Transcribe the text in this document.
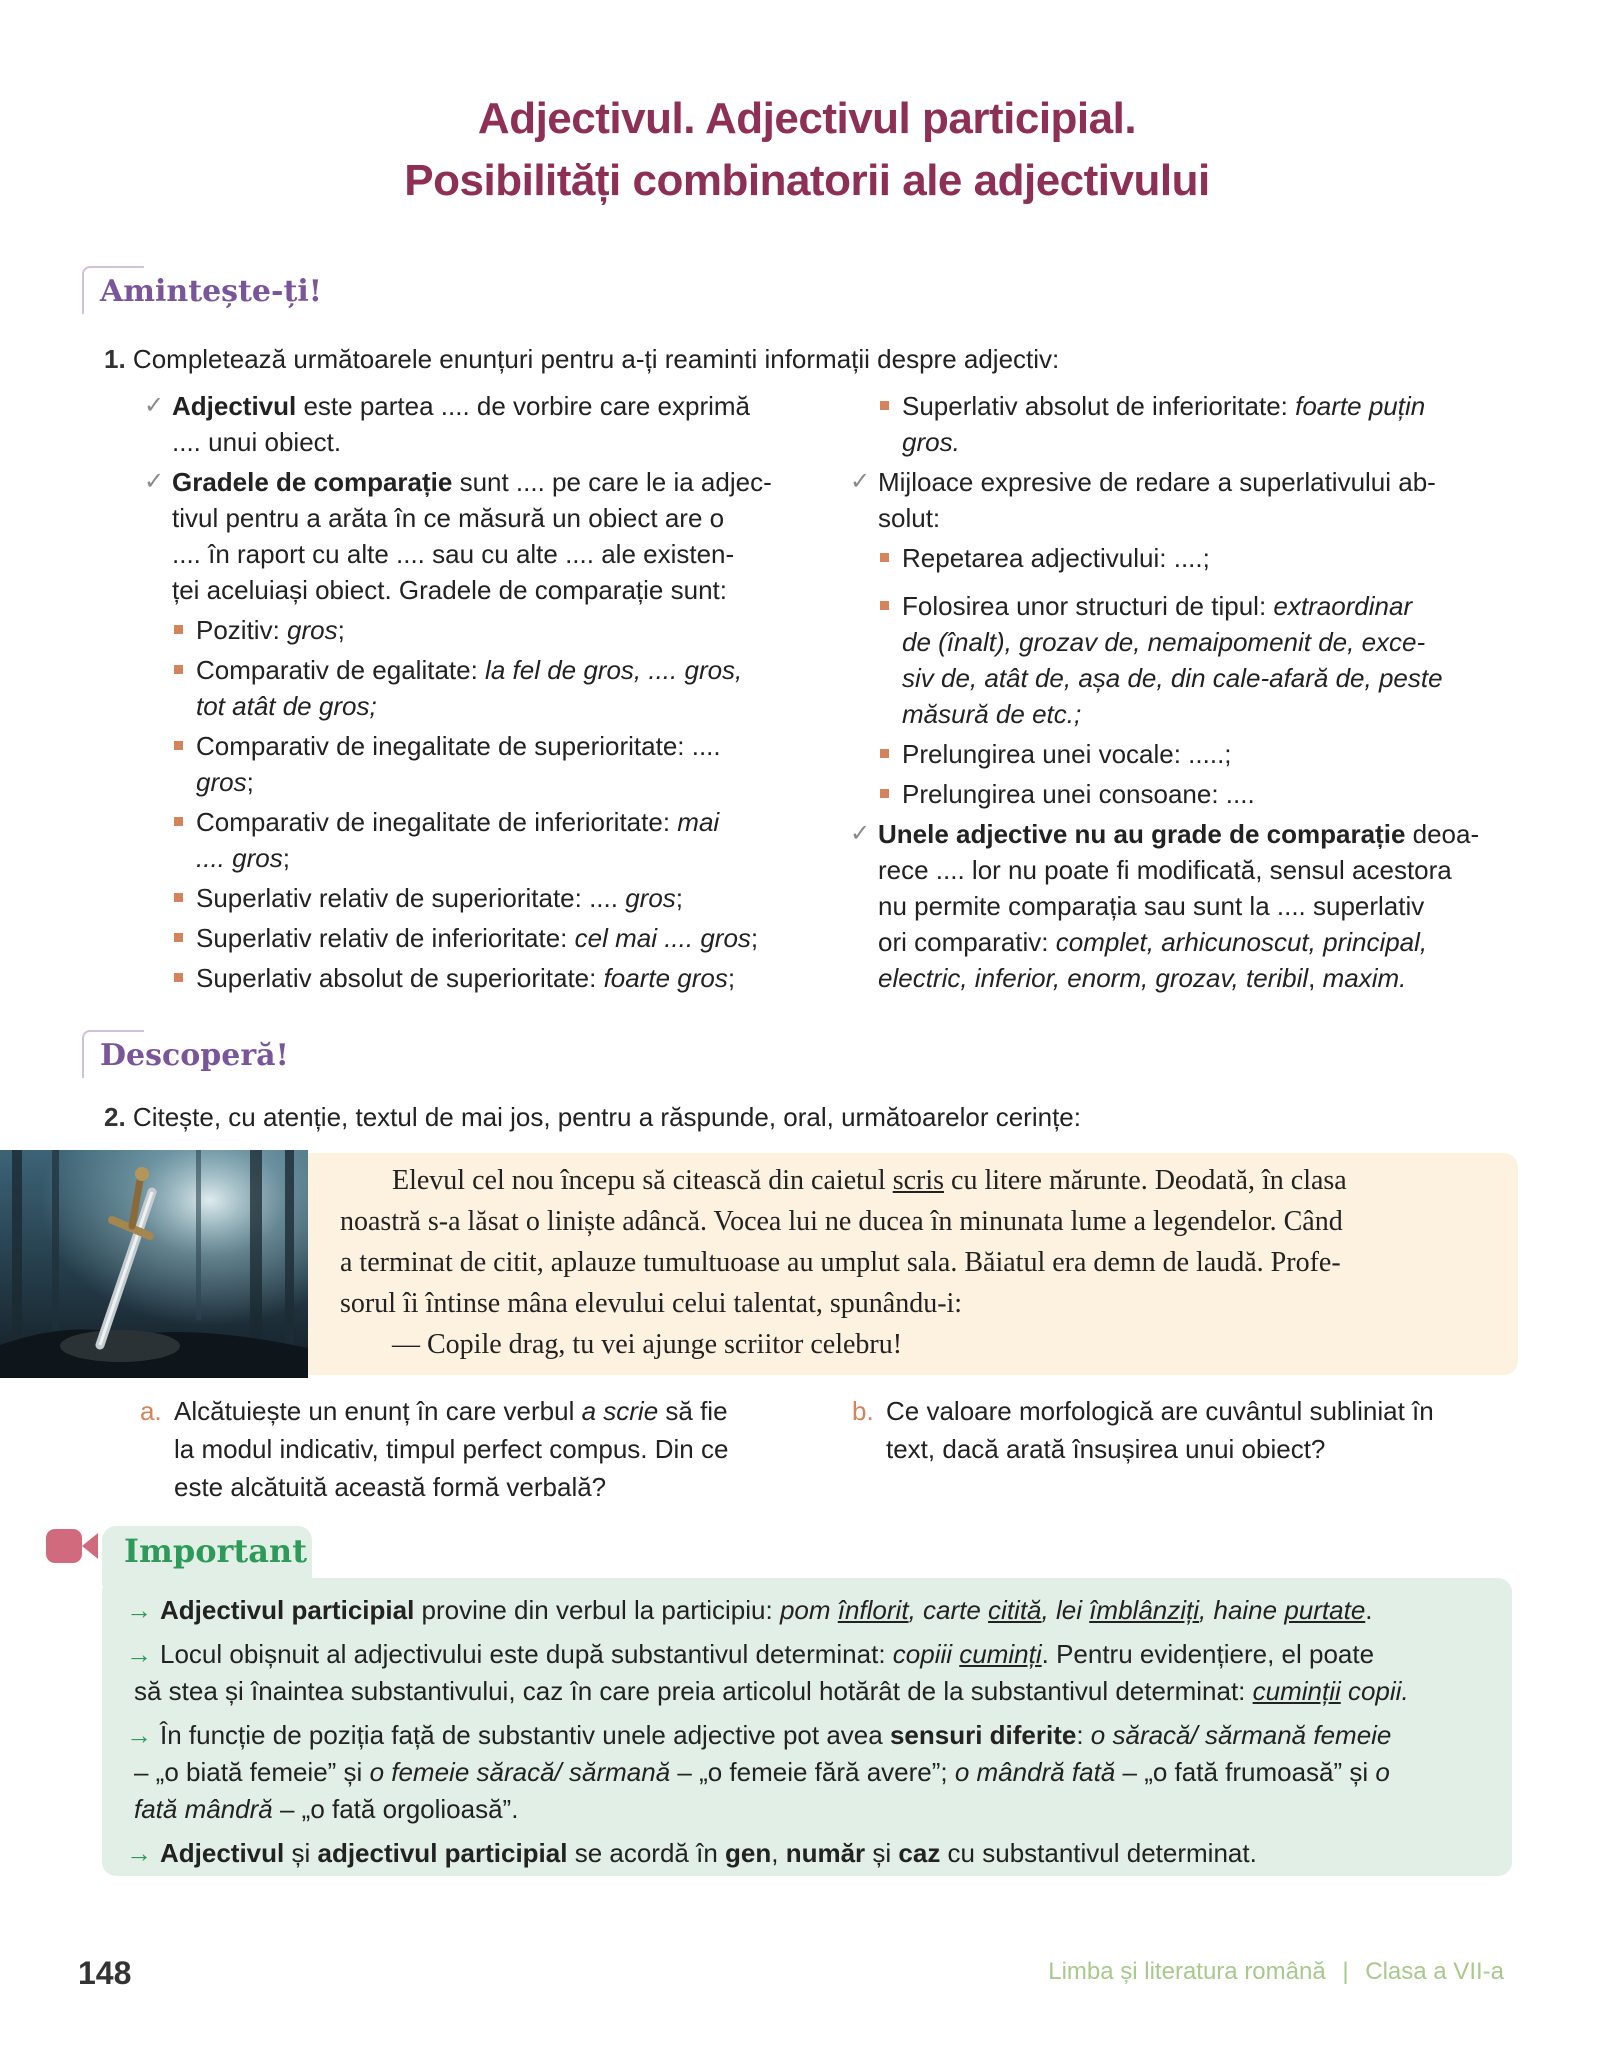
Adjectivul. Adjectivul participial.
Posibilități combinatorii ale adjectivului
Amintește-ți!
1. Completează următoarele enunțuri pentru a-ți reaminti informații despre adjectiv:
✓ Adjectivul este partea .... de vorbire care exprimă
.... unui obiect.
✓ Gradele de comparație sunt .... pe care le ia adjec-
tivul pentru a arăta în ce măsură un obiect are o
.... în raport cu alte .... sau cu alte .... ale existen-
ței aceluiași obiect. Gradele de comparație sunt:
Pozitiv: gros;
Comparativ de egalitate: la fel de gros, .... gros,
tot atât de gros;
Comparativ de inegalitate de superioritate: ....
gros;
Comparativ de inegalitate de inferioritate: mai
.... gros;
Superlativ relativ de superioritate: .... gros;
Superlativ relativ de inferioritate: cel mai .... gros;
Superlativ absolut de superioritate: foarte gros;
Superlativ absolut de inferioritate: foarte puțin
gros.
✓ Mijloace expresive de redare a superlativului ab-
solut:
Repetarea adjectivului: ....;
Folosirea unor structuri de tipul: extraordinar
de (înalt), grozav de, nemaipomenit de, exce-
siv de, atât de, așa de, din cale-afară de, peste
măsură de etc.;
Prelungirea unei vocale: .....;
Prelungirea unei consoane: ....
✓ Unele adjective nu au grade de comparație deoa-
rece .... lor nu poate fi modificată, sensul acestora
nu permite comparația sau sunt la .... superlativ
ori comparativ: complet, arhicunoscut, principal,
electric, inferior, enorm, grozav, teribil, maxim.
Descoperă!
2. Citește, cu atenție, textul de mai jos, pentru a răspunde, oral, următoarelor cerințe:
Elevul cel nou începu să citească din caietul scris cu litere mărunte. Deodată, în clasa
noastră s-a lăsat o liniște adâncă. Vocea lui ne ducea în minunata lume a legendelor. Când
a terminat de citit, aplauze tumultuoase au umplut sala. Băiatul era demn de laudă. Profe-
sorul îi întinse mâna elevului celui talentat, spunându-i:
— Copile drag, tu vei ajunge scriitor celebru!
a. Alcătuiește un enunț în care verbul a scrie să fie
la modul indicativ, timpul perfect compus. Din ce
este alcătuită această formă verbală?
b. Ce valoare morfologică are cuvântul subliniat în
text, dacă arată însușirea unui obiect?
Important
→ Adjectivul participial provine din verbul la participiu: pom înflorit, carte citită, lei îmblânziți, haine purtate.
→ Locul obișnuit al adjectivului este după substantivul determinat: copiii cuminți. Pentru evidențiere, el poate
să stea și înaintea substantivului, caz în care preia articolul hotărât de la substantivul determinat: cuminții copii.
→ În funcție de poziția față de substantiv unele adjective pot avea sensuri diferite: o săracă/ sărmană femeie
– „o biată femeie” și o femeie săracă/ sărmană – „o femeie fără avere”; o mândră fată – „o fată frumoasă” și o
fată mândră – „o fată orgolioasă”.
→ Adjectivul și adjectivul participial se acordă în gen, număr și caz cu substantivul determinat.
148	Limba și literatura română | Clasa a VII-a
